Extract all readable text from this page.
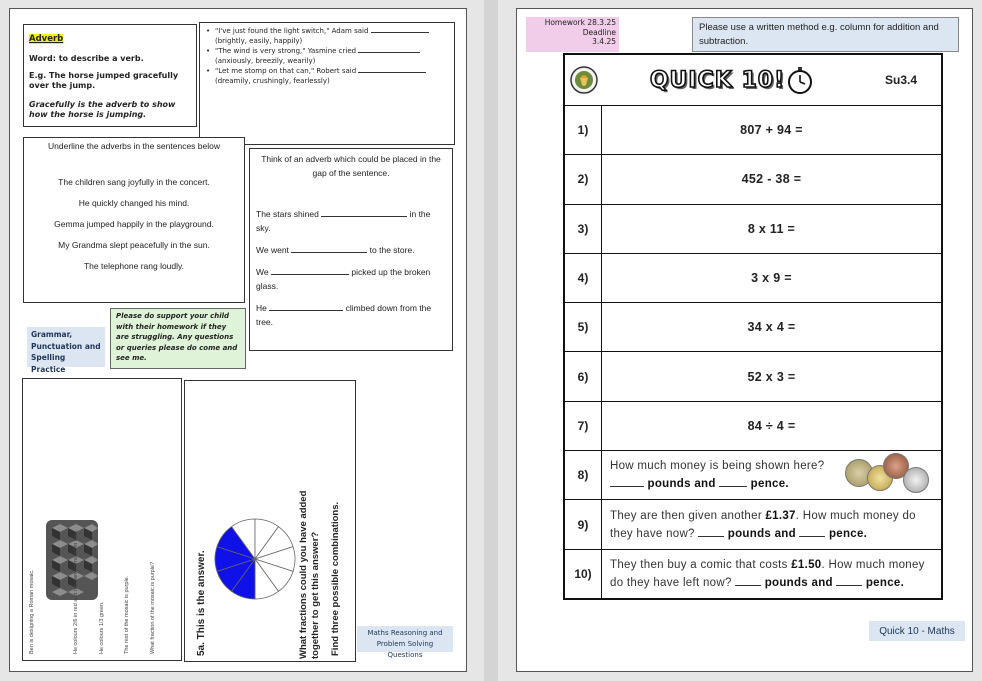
Adverb
Word: to describe a verb.
E.g. The horse jumped gracefully over the jump.
Gracefully is the adverb to show how the horse is jumping.
• "I've just found the light switch," Adam said
(brightly, easily, happily)
• "The wind is very strong," Yasmine cried
(anxiously, breezily, wearily)
• "Let me stomp on that can," Robert said
(dreamily, crushingly, fearlessly)
Underline the adverbs in the sentences below

The children sang joyfully in the concert.

He quickly changed his mind.

Gemma jumped happily in the playground.

My Grandma slept peacefully in the sun.

The telephone rang loudly.

Think of an adverb which could be placed in the gap of the sentence.
The stars shined	in the sky.
We went	to the store.
We	picked up the broken glass.
He	climbed down from the tree.
Grammar, Punctuation and Spelling Practice
Please do support your child with their homework if they are struggling. Any questions or queries please do come and see me.
Ben is designing a Roman mosaic.	He colours 2/6 in red and the same amount in blue.	He colours 1/3 green.	The rest of the mosaic is purple.	What fraction of the mosaic is purple?	5a. This is the answer.	What fractions could you have added together to get this answer? Find three possible combinations.	Maths Reasoning and Problem Solving Questions
Homework 28.3.25
Deadline
3.4.25
Please use a written method e.g. column for addition and subtraction.
QUICK 10!	Su3.4
1)	807 + 94 =
2)	452 - 38 =
3)	8 x 11 =
4)	3 x 9 =
5)	34 x 4 =
6)	52 x 3 =
7)	84 ÷ 4 =
8)
How much money is being shown here?
pounds and	pence.
9)
They are then given another £1.37. How much money do
they have now?	pounds and	pence.
10)
They then buy a comic that costs £1.50. How much money
do they have left now?	pounds and	pence.
Quick 10 - Maths
